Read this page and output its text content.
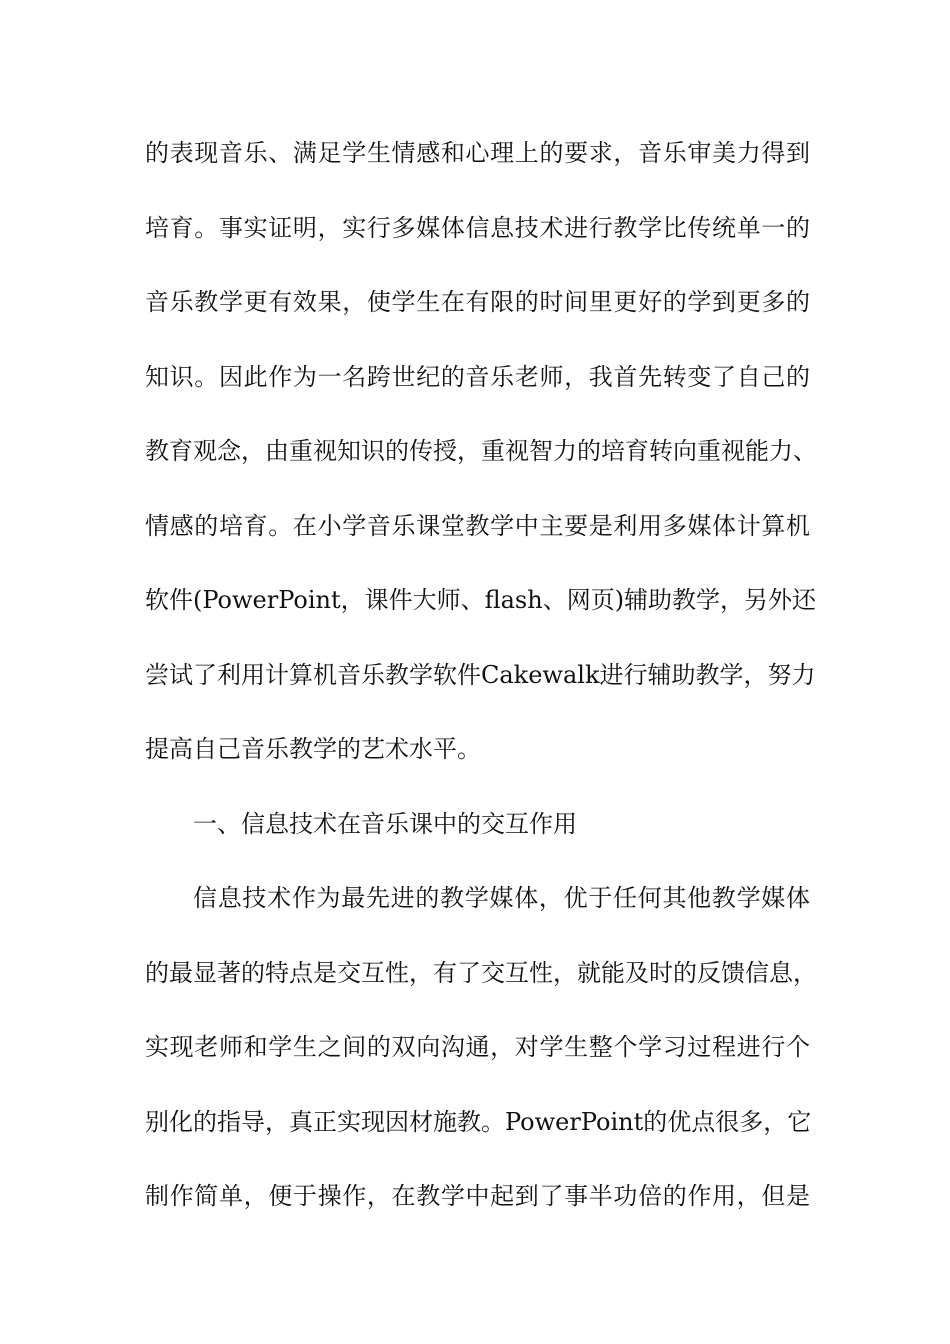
的表现音乐、满足学生情感和心理上的要求，音乐审美力得到
培育。事实证明，实行多媒体信息技术进行教学比传统单一的
音乐教学更有效果，使学生在有限的时间里更好的学到更多的
知识。因此作为一名跨世纪的音乐老师，我首先转变了自己的
教育观念，由重视知识的传授，重视智力的培育转向重视能力、
情感的培育。在小学音乐课堂教学中主要是利用多媒体计算机
软件(PowerPoint，课件大师、flash、网页)辅助教学，另外还
尝试了利用计算机音乐教学软件Cakewalk进行辅助教学，努力
提高自己音乐教学的艺术水平。
一、信息技术在音乐课中的交互作用
信息技术作为最先进的教学媒体，优于任何其他教学媒体
的最显著的特点是交互性，有了交互性，就能及时的反馈信息，
实现老师和学生之间的双向沟通，对学生整个学习过程进行个
别化的指导，真正实现因材施教。PowerPoint的优点很多，它
制作简单，便于操作，在教学中起到了事半功倍的作用，但是
